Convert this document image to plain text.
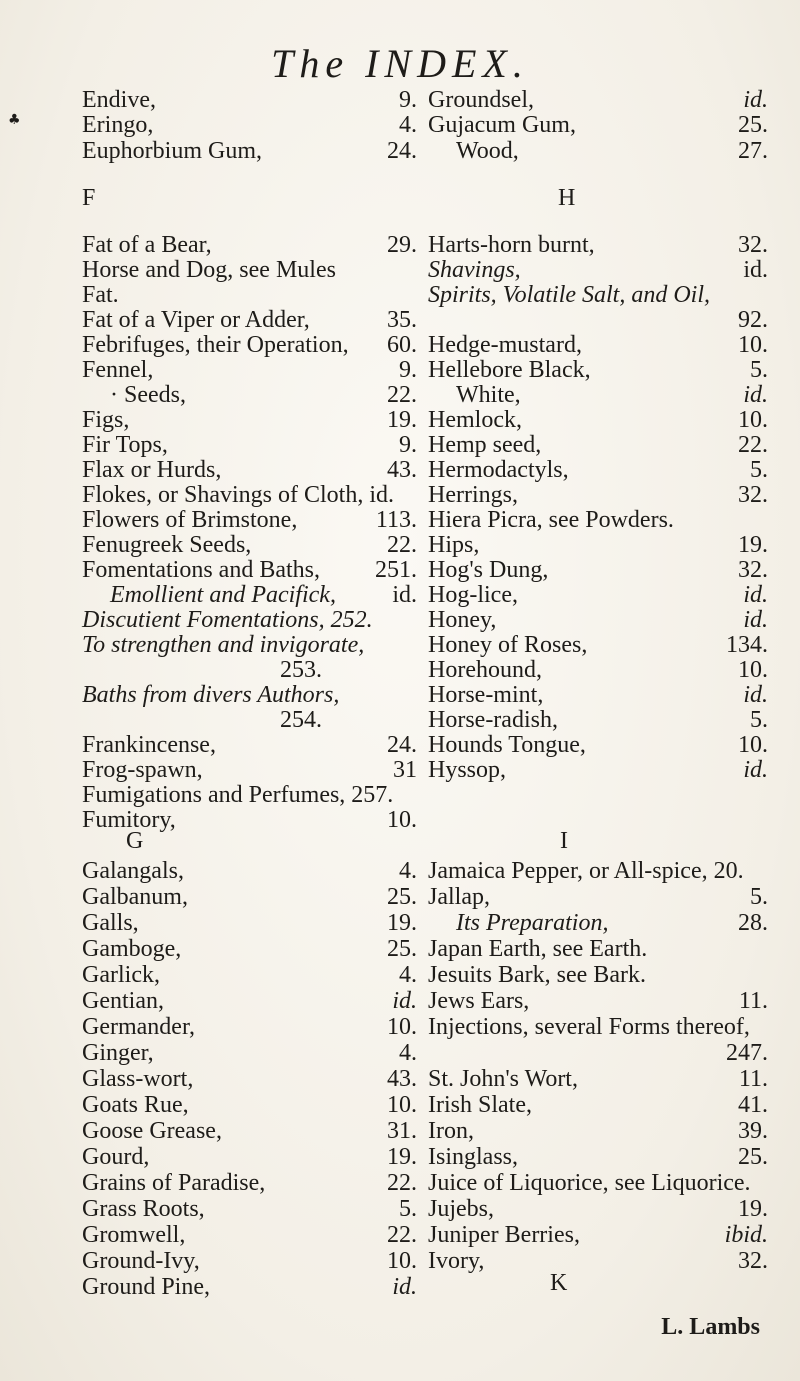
The INDEX.
♣
Endive,	9.
Eringo,	4.
Euphorbium Gum,	24.
F
Fat of a Bear,	29.
Horse and Dog, see Mules
Fat.
Fat of a Viper or Adder,	35.
Febrifuges, their Operation, 60.
Fennel,	9.
· Seeds,	22.
Figs,	19.
Fir Tops,	9.
Flax or Hurds,	43.
Flokes, or Shavings of Cloth, id.
Flowers of Brimstone,	113.
Fenugreek Seeds,	22.
Fomentations and Baths, 251.
Emollient and Pacifick, id.
Discutient Fomentations, 252.
To strengthen and invigorate,
253.
Baths from divers Authors,
254.
Frankincense,	24.
Frog-spawn,	31
Fumigations and Perfumes, 257.
Fumitory,	10.
G
Galangals,	4.
Galbanum,	25.
Galls,	19.
Gamboge,	25.
Garlick,	4.
Gentian,	id.
Germander,	10.
Ginger,	4.
Glass-wort,	43.
Goats Rue,	10.
Goose Grease,	31.
Gourd,	19.
Grains of Paradise,	22.
Grass Roots,	5.
Gromwell,	22.
Ground-Ivy,	10.
Ground Pine,	id.
Groundsel,	id.
Gujacum Gum,	25.
Wood,	27.
H
Harts-horn burnt,	32.
Shavings,	id.
Spirits, Volatile Salt, and Oil,
92.
Hedge-mustard,	10.
Hellebore Black,	5.
White,	id.
Hemlock,	10.
Hemp seed,	22.
Hermodactyls,	5.
Herrings,	32.
Hiera Picra, see Powders.
Hips,	19.
Hog's Dung,	32.
Hog-lice,	id.
Honey,	id.
Honey of Roses,	134.
Horehound,	10.
Horse-mint,	id.
Horse-radish,	5.
Hounds Tongue,	10.
Hyssop,	id.
I
Jamaica Pepper, or All-spice, 20.
Jallap,	5.
Its Preparation,	28.
Japan Earth, see Earth.
Jesuits Bark, see Bark.
Jews Ears,	11.
Injections, several Forms thereof,
247.
St. John's Wort,	11.
Irish Slate,	41.
Iron,	39.
Isinglass,	25.
Juice of Liquorice, see Liquorice.
Jujebs,	19.
Juniper Berries,	ibid.
Ivory,	32.
K
L. Lambs
